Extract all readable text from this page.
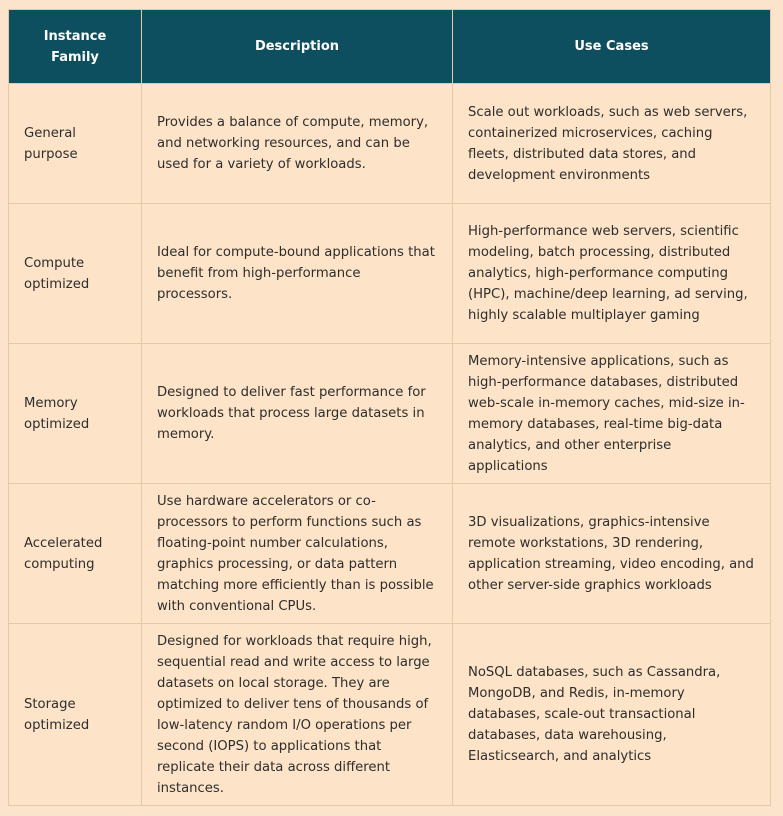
Instance Family	Description	Use Cases
General purpose	Provides a balance of compute, memory, and networking resources, and can be used for a variety of workloads.	Scale out workloads, such as web servers, containerized microservices, caching fleets, distributed data stores, and development environments
Compute optimized	Ideal for compute-bound applications that benefit from high-performance processors.	High-performance web servers, scientific modeling, batch processing, distributed analytics, high-performance computing (HPC), machine/deep learning, ad serving, highly scalable multiplayer gaming
Memory optimized	Designed to deliver fast performance for workloads that process large datasets in memory.	Memory-intensive applications, such as high-performance databases, distributed web-scale in-memory caches, mid-size in-memory databases, real-time big-data analytics, and other enterprise applications
Accelerated computing	Use hardware accelerators or co-processors to perform functions such as floating-point number calculations, graphics processing, or data pattern matching more efficiently than is possible with conventional CPUs.	3D visualizations, graphics-intensive remote workstations, 3D rendering, application streaming, video encoding, and other server-side graphics workloads
Storage optimized	Designed for workloads that require high, sequential read and write access to large datasets on local storage. They are optimized to deliver tens of thousands of low-latency random I/O operations per second (IOPS) to applications that replicate their data across different instances.	NoSQL databases, such as Cassandra, MongoDB, and Redis, in-memory databases, scale-out transactional databases, data warehousing, Elasticsearch, and analytics
